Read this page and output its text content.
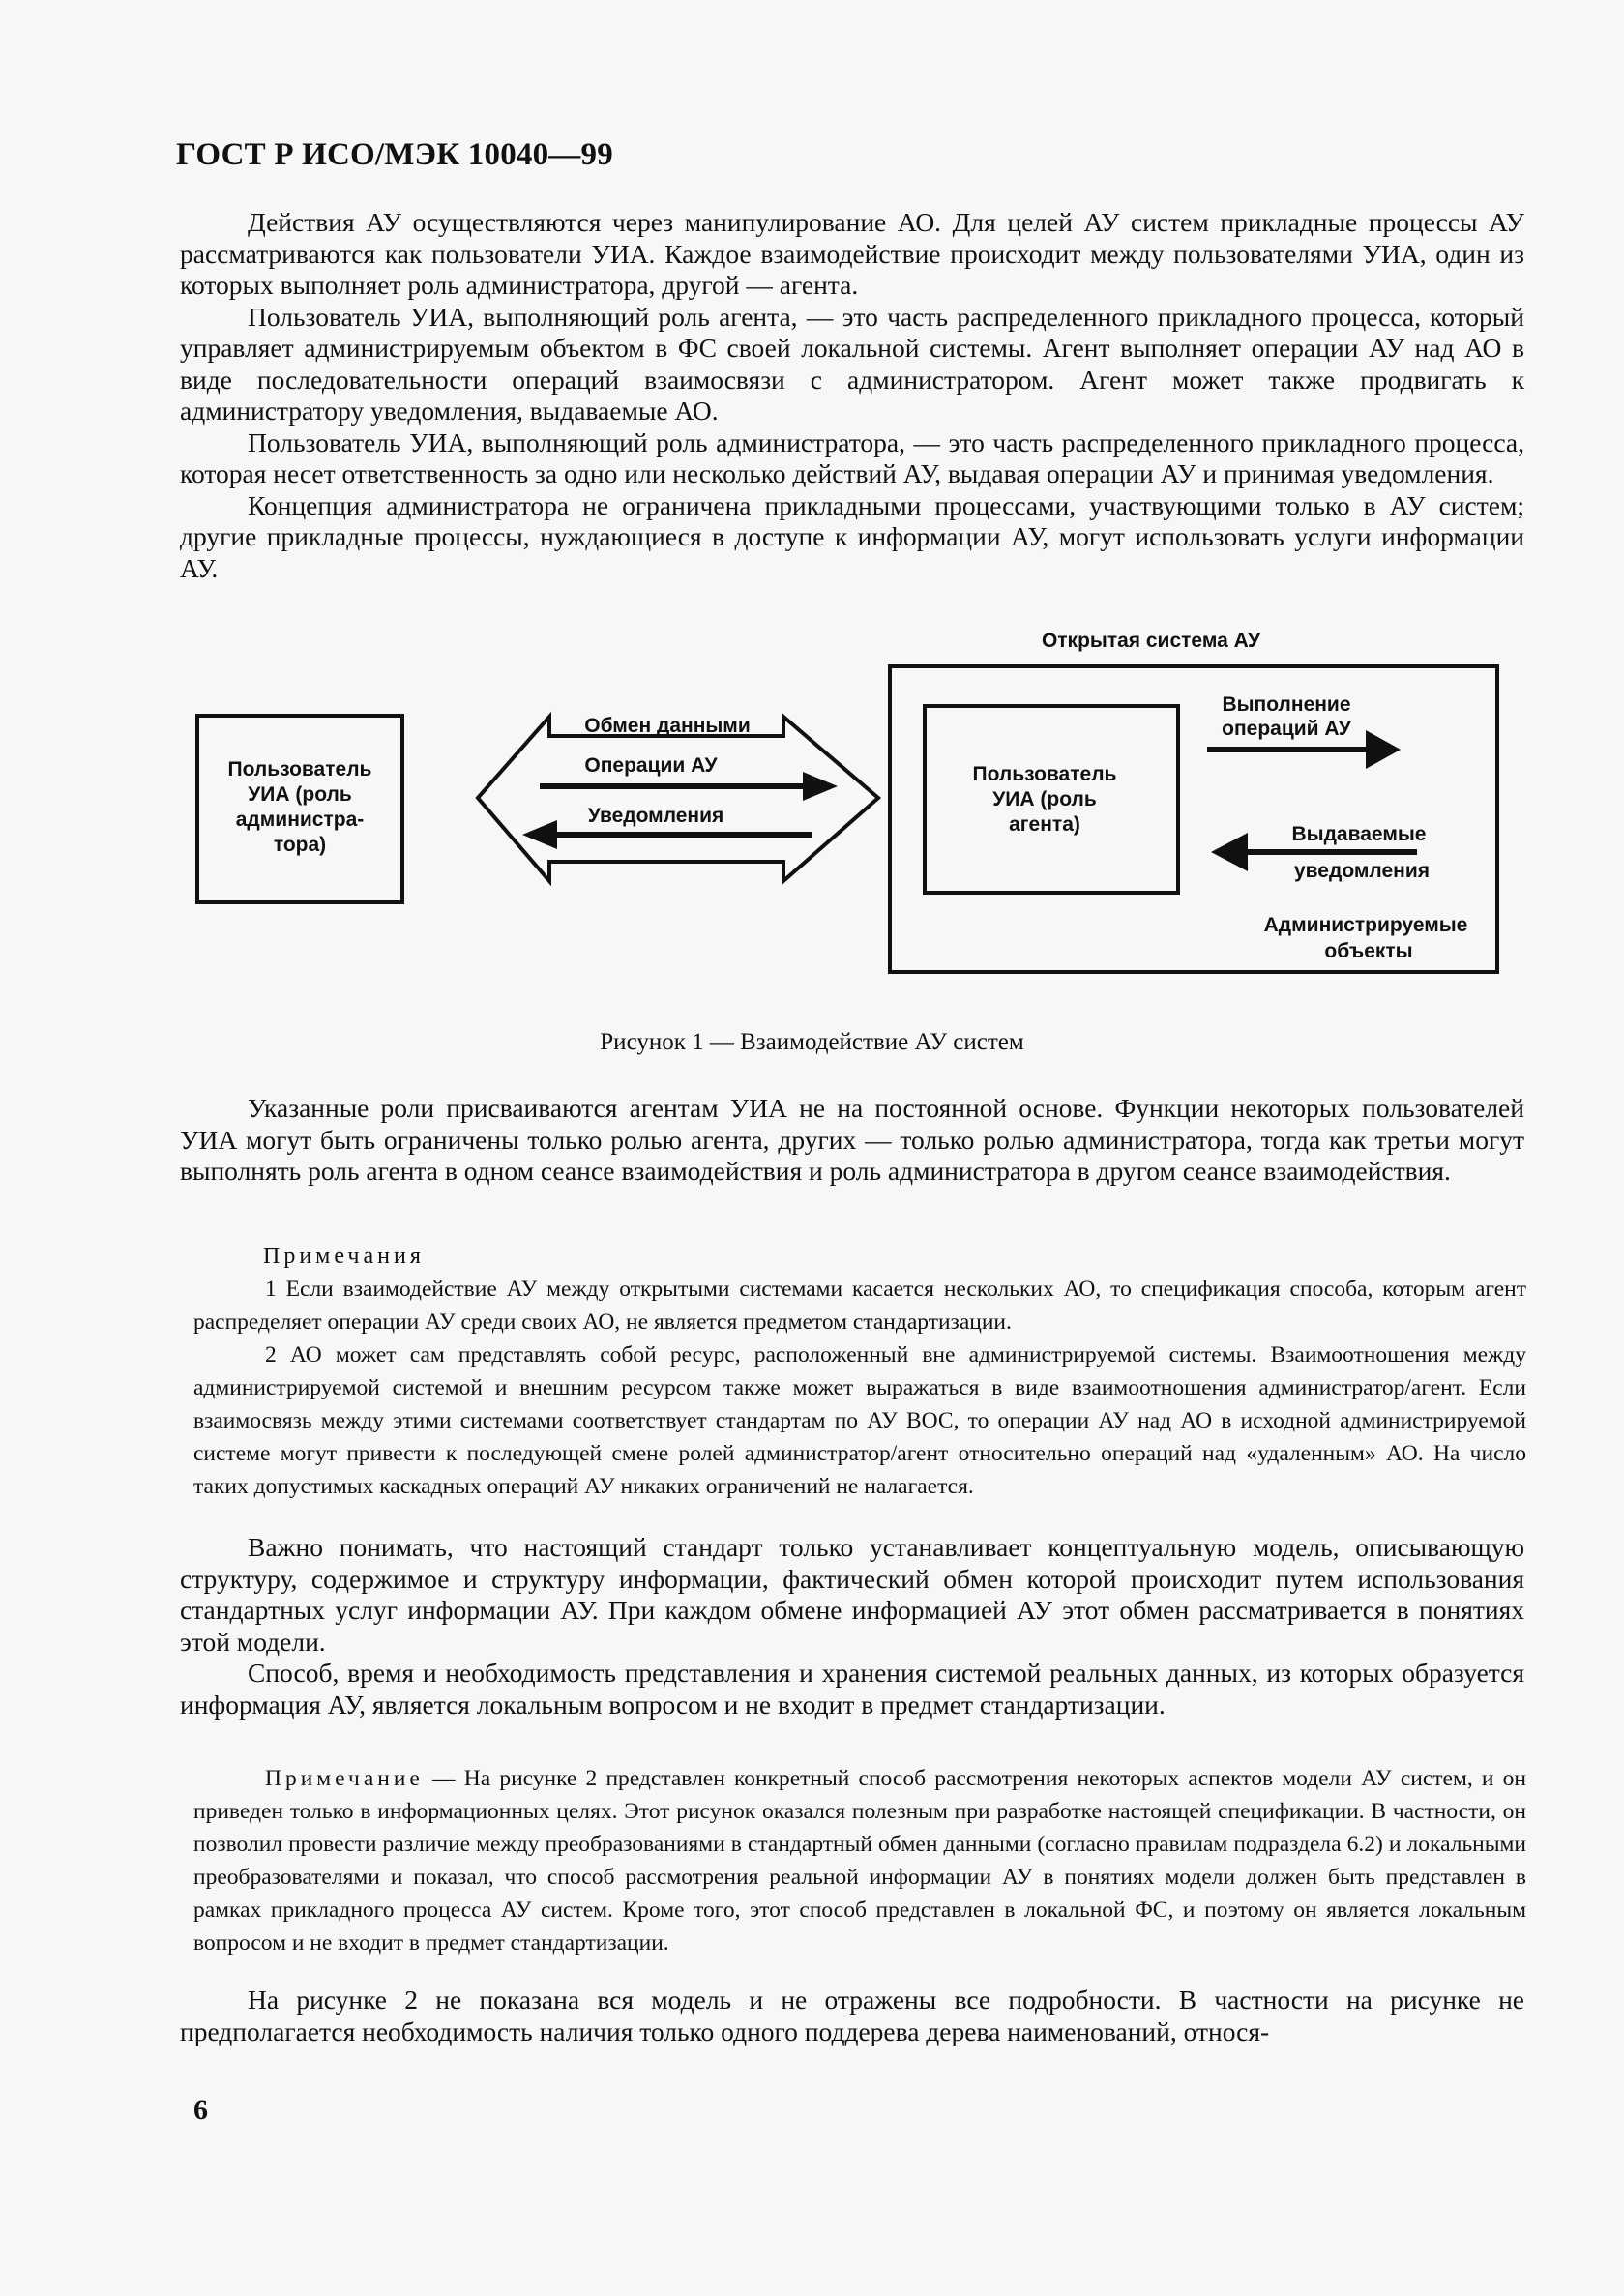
ГОСТ Р ИСО/МЭК 10040—99

Действия АУ осуществляются через манипулирование АО. Для целей АУ систем прикладные процессы АУ рассматриваются как пользователи УИА. Каждое взаимодействие происходит между пользователями УИА, один из которых выполняет роль администратора, другой — агента.

Пользователь УИА, выполняющий роль агента, — это часть распределенного прикладного процесса, который управляет администрируемым объектом в ФС своей локальной системы. Агент выполняет операции АУ над АО в виде последовательности операций взаимосвязи с администратором. Агент может также продвигать к администратору уведомления, выдаваемые АО.

Пользователь УИА, выполняющий роль администратора, — это часть распределенного прикладного процесса, которая несет ответственность за одно или несколько действий АУ, выдавая операции АУ и принимая уведомления.

Концепция администратора не ограничена прикладными процессами, участвующими только в АУ систем; другие прикладные процессы, нуждающиеся в доступе к информации АУ, могут использовать услуги информации АУ.

Пользователь
УИА (роль
администра-
тора)
Обмен данными
Операции АУ
Уведомления
Открытая система АУ
Пользователь
УИА (роль
агента)
Выполнение
операций АУ
Выдаваемые
уведомления
Администрируемые
объекты
Рисунок 1 — Взаимодействие АУ систем

Указанные роли присваиваются агентам УИА не на постоянной основе. Функции некоторых пользователей УИА могут быть ограничены только ролью агента, других — только ролью администратора, тогда как третьи могут выполнять роль агента в одном сеансе взаимодействия и роль администратора в другом сеансе взаимодействия.

Примечания

1 Если взаимодействие АУ между открытыми системами касается нескольких АО, то спецификация способа, которым агент распределяет операции АУ среди своих АО, не является предметом стандартизации.

2 АО может сам представлять собой ресурс, расположенный вне администрируемой системы. Взаимоотношения между администрируемой системой и внешним ресурсом также может выражаться в виде взаимоотношения администратор/агент. Если взаимосвязь между этими системами соответствует стандартам по АУ ВОС, то операции АУ над АО в исходной администрируемой системе могут привести к последующей смене ролей администратор/агент относительно операций над «удаленным» АО. На число таких допустимых каскадных операций АУ никаких ограничений не налагается.

Важно понимать, что настоящий стандарт только устанавливает концептуальную модель, описывающую структуру, содержимое и структуру информации, фактический обмен которой происходит путем использования стандартных услуг информации АУ. При каждом обмене информацией АУ этот обмен рассматривается в понятиях этой модели.

Способ, время и необходимость представления и хранения системой реальных данных, из которых образуется информация АУ, является локальным вопросом и не входит в предмет стандартизации.

Примечание — На рисунке 2 представлен конкретный способ рассмотрения некоторых аспектов модели АУ систем, и он приведен только в информационных целях. Этот рисунок оказался полезным при разработке настоящей спецификации. В частности, он позволил провести различие между преобразованиями в стандартный обмен данными (согласно правилам подраздела 6.2) и локальными преобразователями и показал, что способ рассмотрения реальной информации АУ в понятиях модели должен быть представлен в рамках прикладного процесса АУ систем. Кроме того, этот способ представлен в локальной ФС, и поэтому он является локальным вопросом и не входит в предмет стандартизации.

На рисунке 2 не показана вся модель и не отражены все подробности. В частности на рисунке не предполагается необходимость наличия только одного поддерева дерева наименований, относя-

6
